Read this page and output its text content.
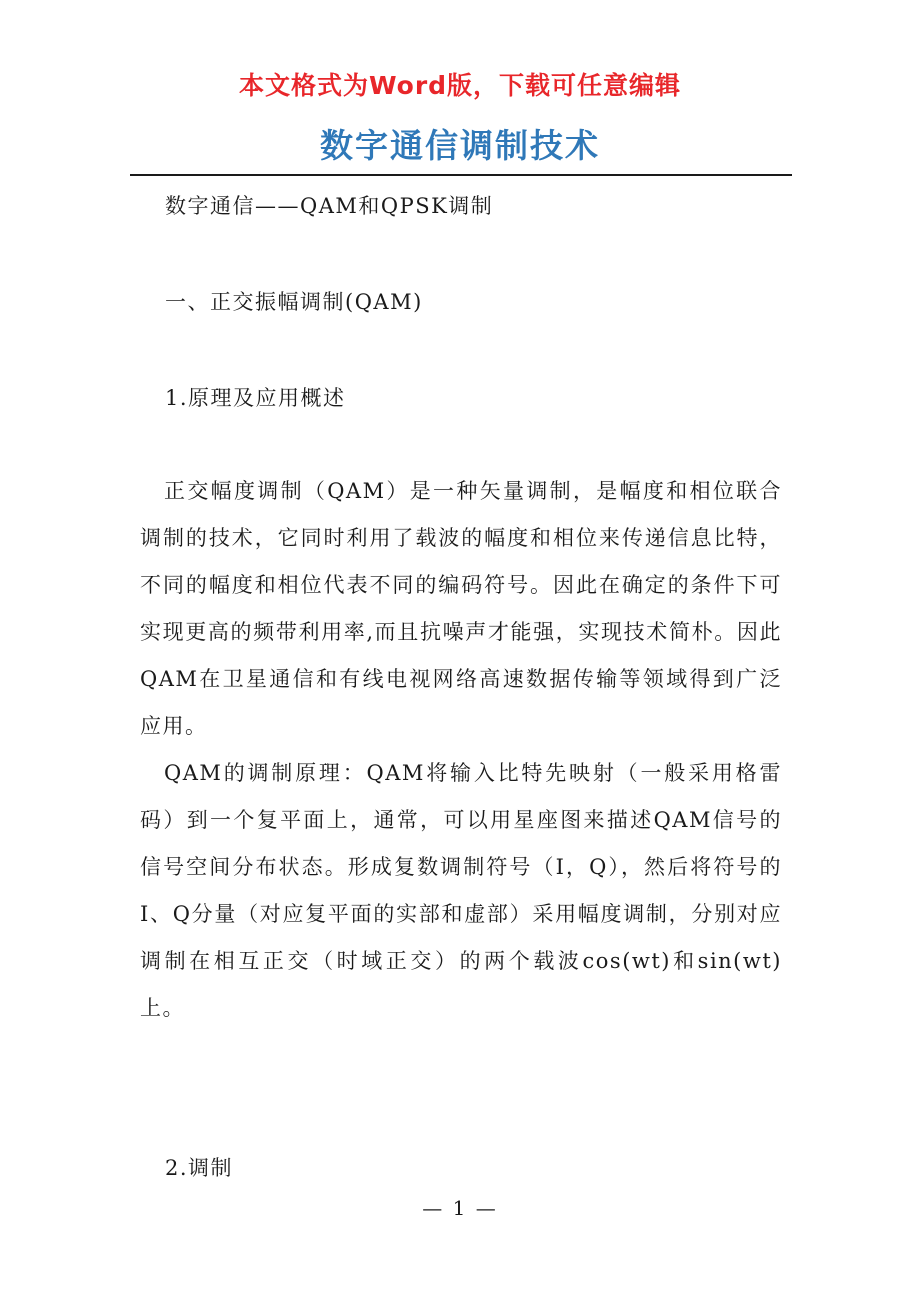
本文格式为Word版，下载可任意编辑
数字通信调制技术
数字通信——QAM和QPSK调制
一、正交振幅调制(QAM)
1.原理及应用概述

正交幅度调制（QAM）是一种矢量调制，是幅度和相位联合调制的技术，它同时利用了载波的幅度和相位来传递信息比特，不同的幅度和相位代表不同的编码符号。因此在确定的条件下可实现更高的频带利用率,而且抗噪声才能强，实现技术简朴。因此QAM在卫星通信和有线电视网络高速数据传输等领域得到广泛应用。

QAM的调制原理：QAM将输入比特先映射（一般采用格雷码）到一个复平面上，通常，可以用星座图来描述QAM信号的信号空间分布状态。形成复数调制符号（I，Q），然后将符号的I、Q分量（对应复平面的实部和虚部）采用幅度调制，分别对应调制在相互正交（时域正交）的两个载波cos(wt)和sin(wt)上。

2.调制
— 1 —
